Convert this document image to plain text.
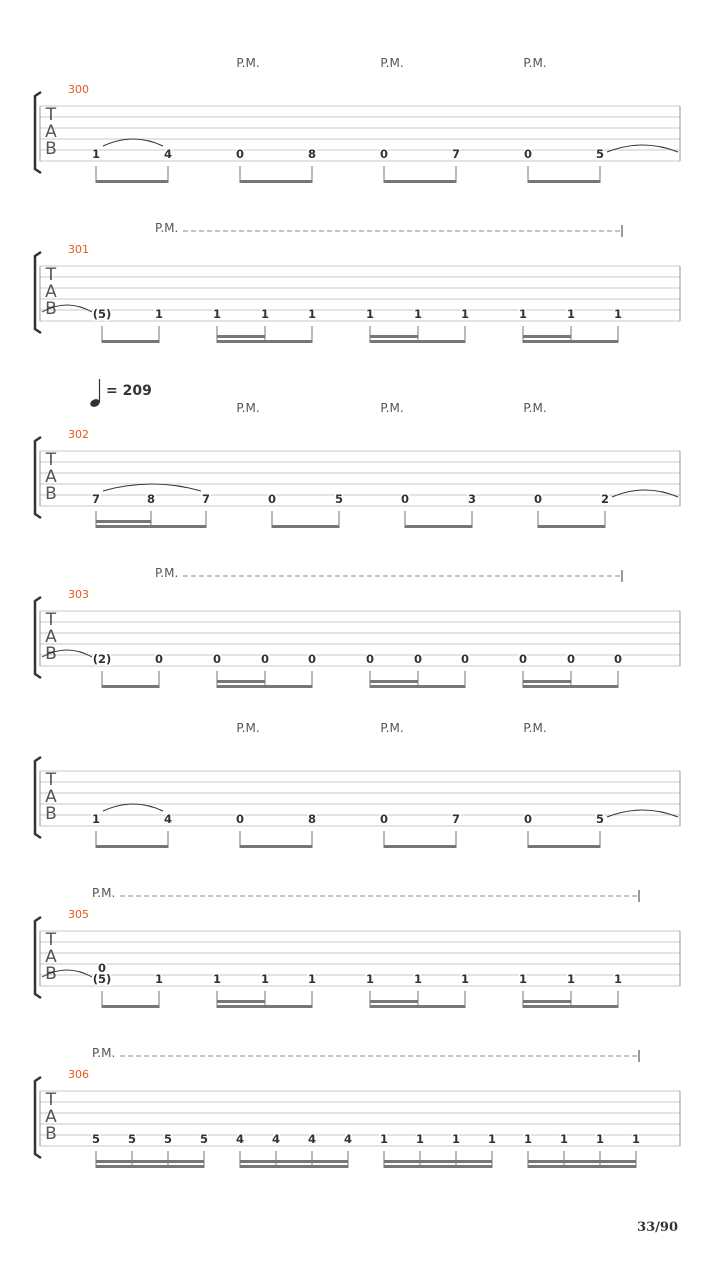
T
A
B
300
P.M.	P.M.	P.M.
1	4	0	8	0	7	0	5
T
A
B
301
P.M.
(5)	1	1	1	1	1	1	1	1	1	1
T
A
B
302
P.M.	P.M.	P.M.
= 209
7	8	7	0	5	0	3	0	2
T
A
B
303
P.M.
(2)	0	0	0	0	0	0	0	0	0	0
T
A
B
P.M.	P.M.	P.M.
1	4	0	8	0	7	0	5
T
A
B
305
P.M.
(5)
0
1	1	1	1	1	1	1	1	1	1
T
A
B
306
P.M.
5 5 5 5 4 4 4 4 1 1 1 1 1 1 1 1
33/90
